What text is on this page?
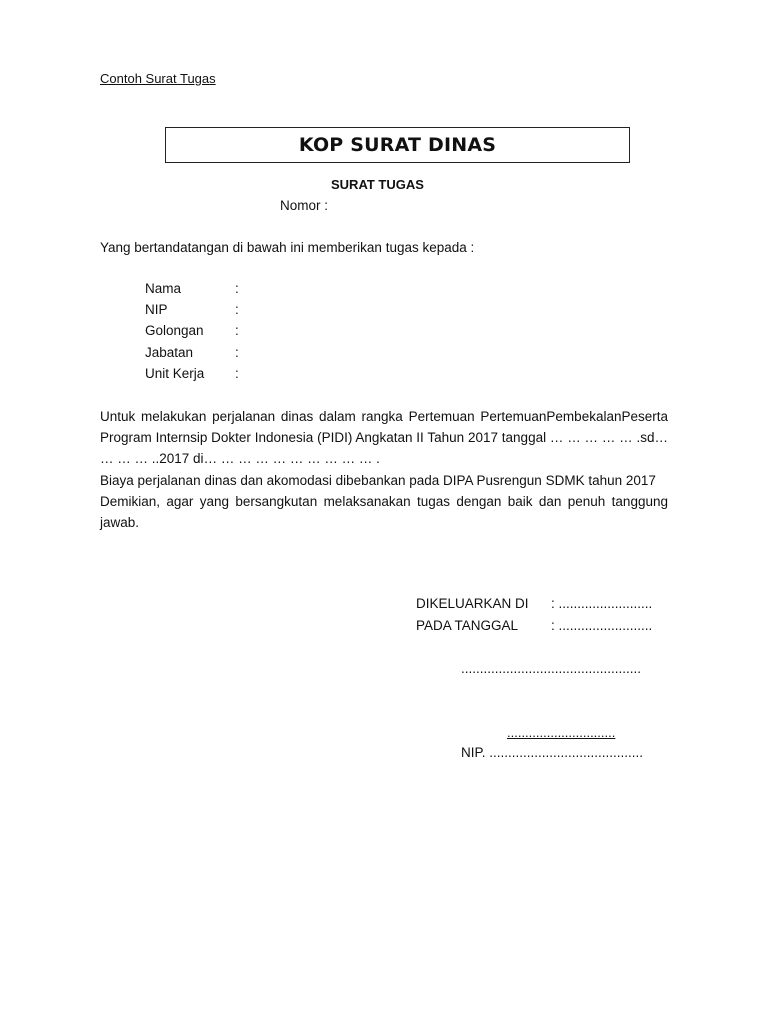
Contoh Surat Tugas
KOP SURAT DINAS
SURAT TUGAS
Nomor :
Yang bertandatangan di bawah ini memberikan tugas kepada :
Nama	:
NIP	:
Golongan	:
Jabatan	:
Unit Kerja	:

Untuk melakukan perjalanan dinas dalam rangka Pertemuan PertemuanPembekalanPeserta Program Internsip Dokter Indonesia (PIDI) Angkatan II Tahun 2017 tanggal … … … … … .sd… … … … ..2017 di… … … … … … … … … … .

Biaya perjalanan dinas dan akomodasi dibebankan pada DIPA Pusrengun SDMK tahun 2017

Demikian, agar yang bersangkutan melaksanakan tugas dengan baik dan penuh tanggung jawab.

DIKELUARKAN DI	: .........................
PADA TANGGAL	: .........................
................................................
..............................
NIP. .........................................
